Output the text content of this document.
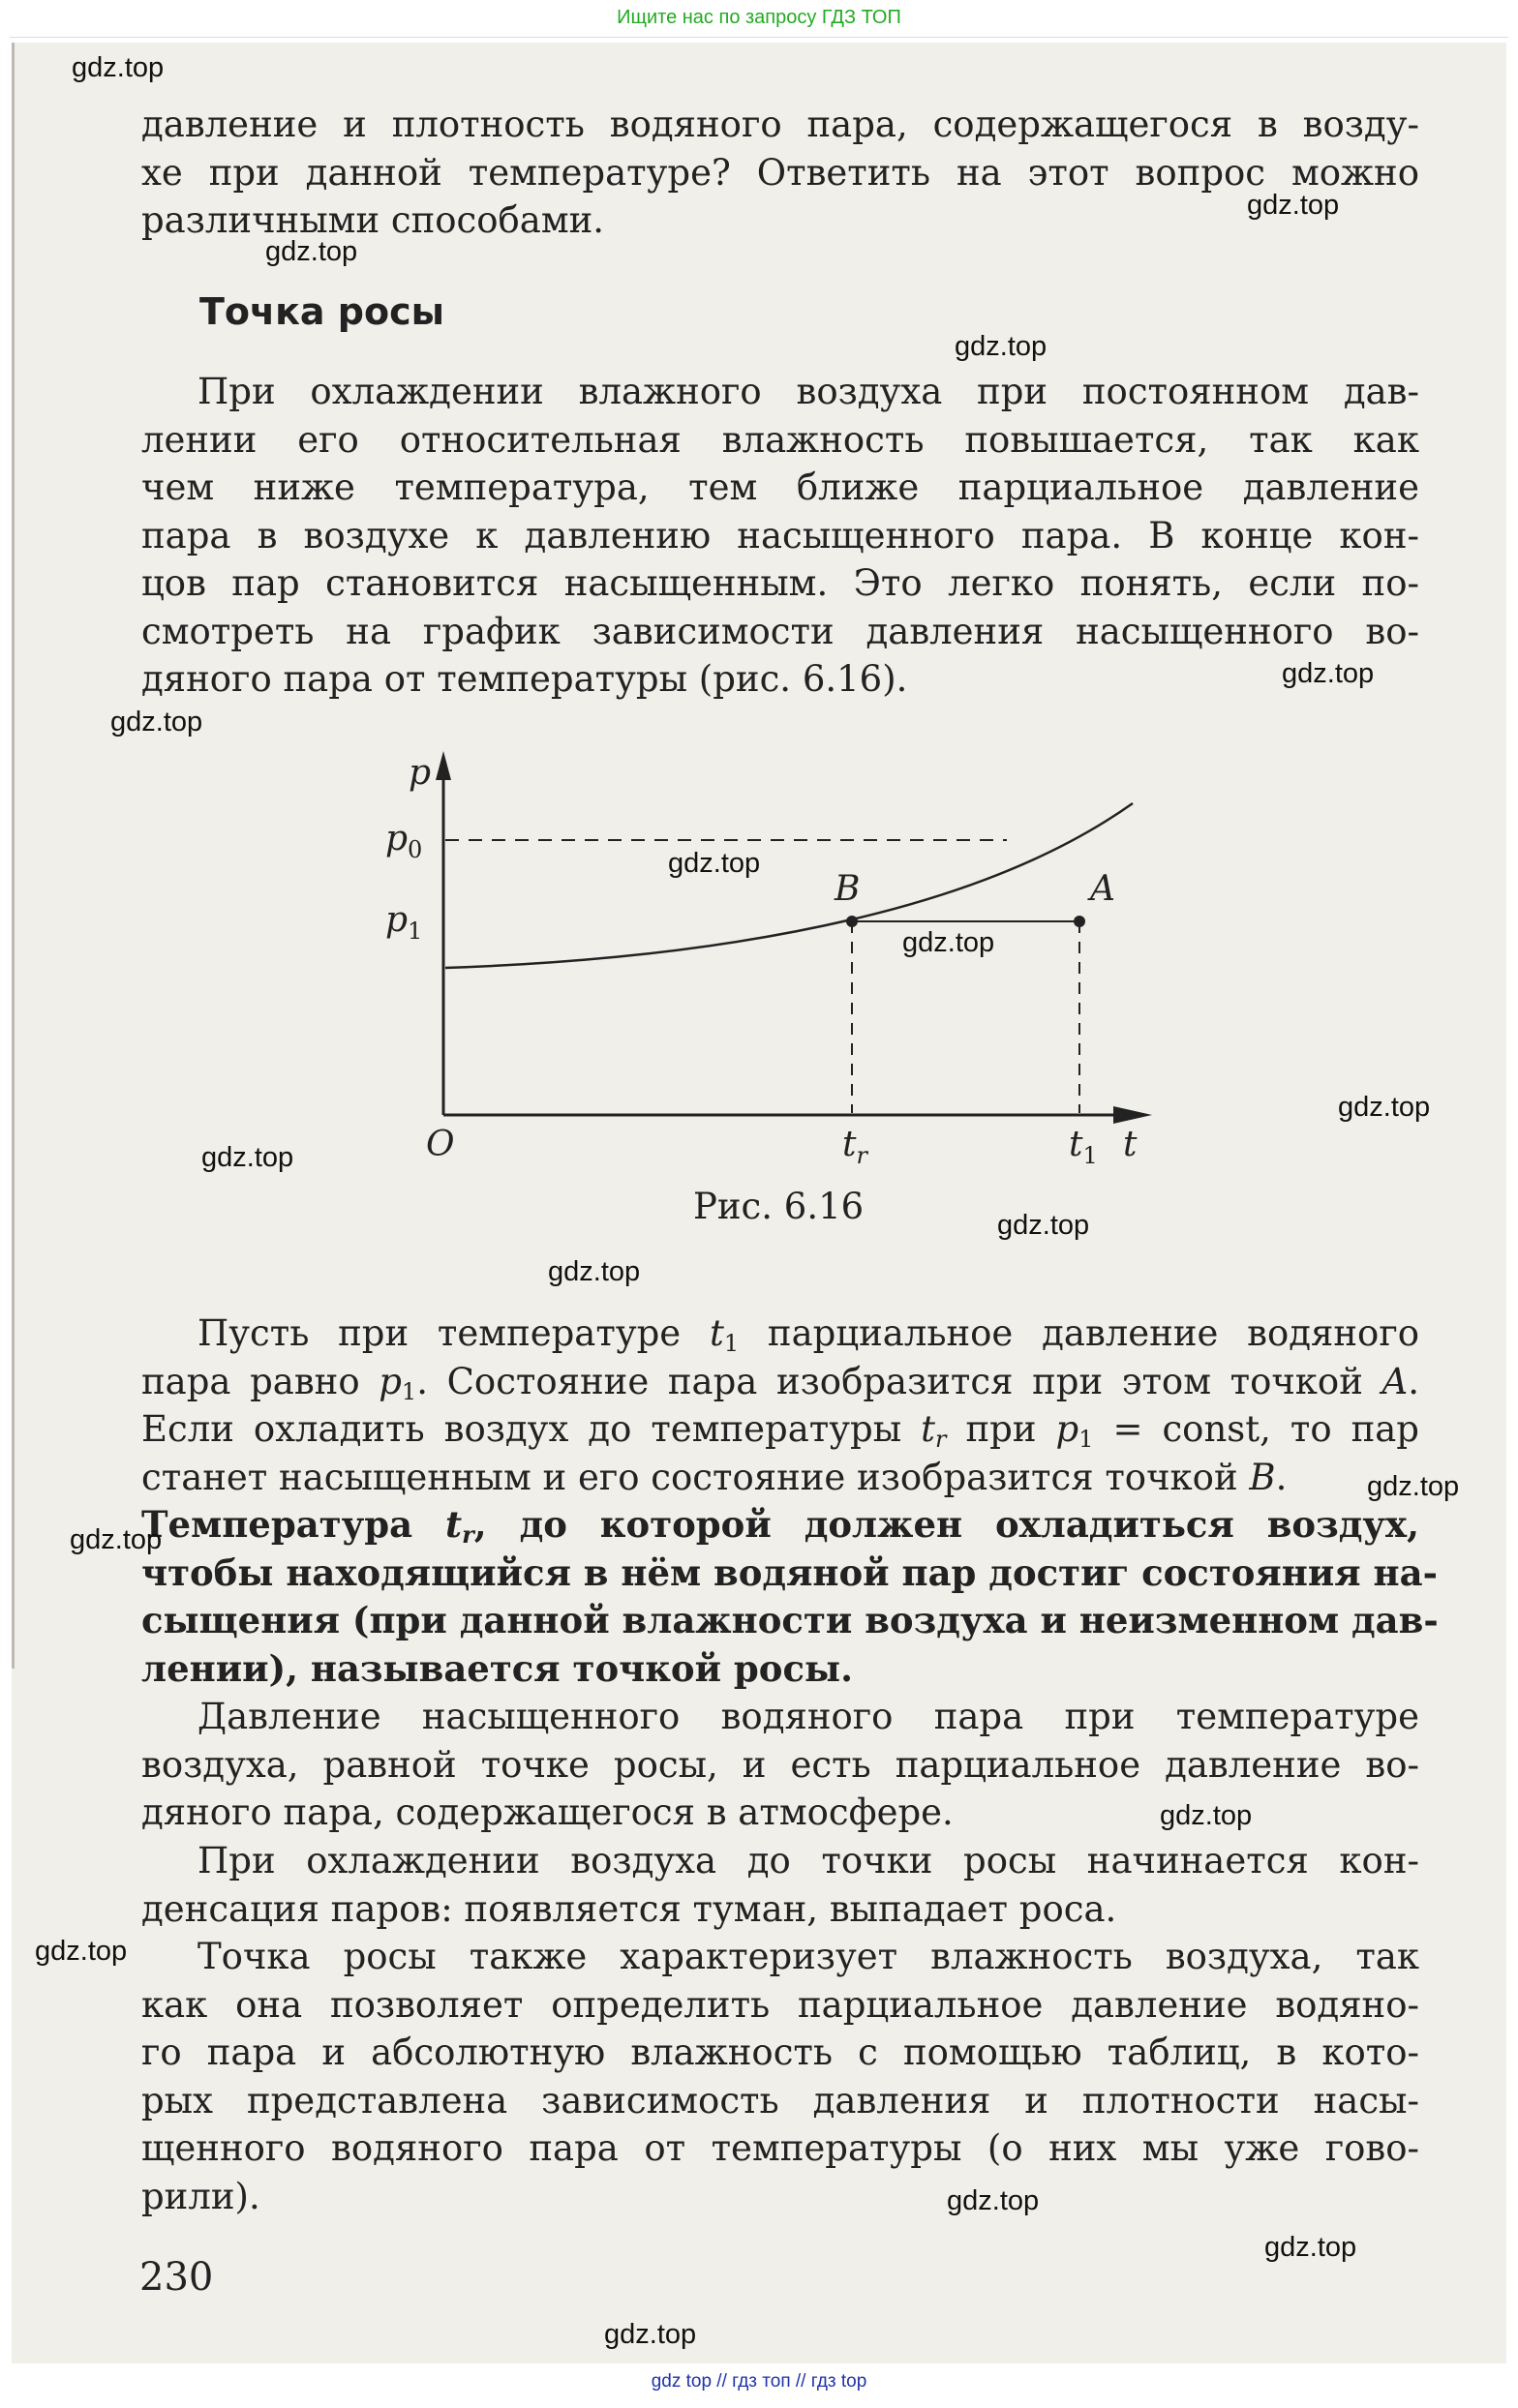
Ищите нас по запросу ГДЗ ТОП
давление и плотность водяного пара, содержащегося в возду-
хе при данной температуре? Ответить на этот вопрос можно
различными способами.
Точка росы
При охлаждении влажного воздуха при постоянном дав-
лении его относительная влажность повышается, так как
чем ниже температура, тем ближе парциальное давление
пара в воздухе к давлению насыщенного пара. В конце кон-
цов пар становится насыщенным. Это легко понять, если по-
смотреть на график зависимости давления насыщенного во-
дяного пара от температуры (рис. 6.16).
p
$p_0$
$p_1$
B	A
O	$t_r$	$t_1$ t
Рис. 6.16
Пусть при температуре $t_1$ парциальное давление водяного
пара равно $p_1$. Состояние пара изобразится при этом точкой A.
Если охладить воздух до температуры $t_r$ при $p_1$ = const, то пар
станет насыщенным и его состояние изобразится точкой B.
Температура $t_r$, до которой должен охладиться воздух,
чтобы находящийся в нём водяной пар достиг состояния на-
сыщения (при данной влажности воздуха и неизменном дав-
лении), называется точкой росы.
Давление насыщенного водяного пара при температуре
воздуха, равной точке росы, и есть парциальное давление во-
дяного пара, содержащегося в атмосфере.
При охлаждении воздуха до точки росы начинается кон-
денсация паров: появляется туман, выпадает роса.
Точка росы также характеризует влажность воздуха, так
как она позволяет определить парциальное давление водяно-
го пара и абсолютную влажность с помощью таблиц, в кото-
рых представлена зависимость давления и плотности насы-
щенного водяного пара от температуры (о них мы уже гово-
рили).
230
gdz.top
gdz.top
gdz.top
gdz.top
gdz.top
gdz.top
gdz.top
gdz.top
gdz.top
gdz.top
gdz.top
gdz.top
gdz.top
gdz.top
gdz.top
gdz.top
gdz.top
gdz.top
gdz.top
gdz top // гдз топ // гдз top
